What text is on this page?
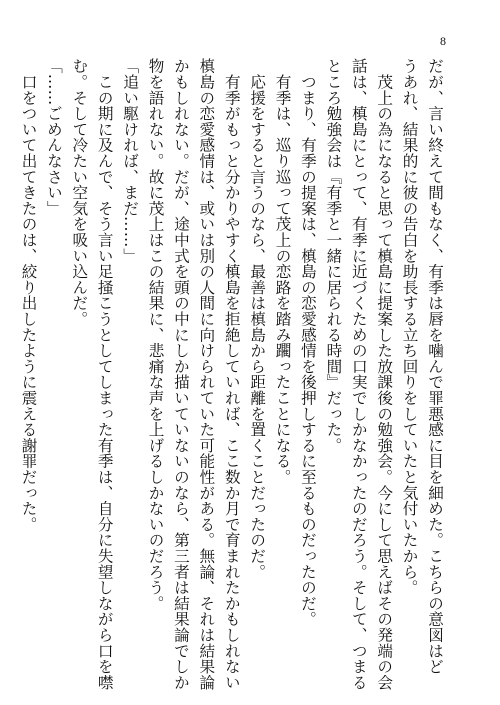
8
だが、言い終えて間もなく、有季は唇を噛んで罪悪感に目を細めた。こちらの意図はど
うあれ、結果的に彼の告白を助長する立ち回りをしていたと気付いたから。
　茂上の為になると思って槙島に提案した放課後の勉強会。今にして思えばその発端の会
話は、槙島にとって、有季に近づくための口実でしかなかったのだろう。そして、つまる
ところ勉強会は『有季と一緒に居られる時間』だった。
　つまり、有季の提案は、槙島の恋愛感情を後押しするに至るものだったのだ。
　有季は、巡り巡って茂上の恋路を踏み躙ったことになる。
　応援をすると言うのなら、最善は槙島から距離を置くことだったのだ。
　有季がもっと分かりやすく槙島を拒絶していれば、ここ数か月で育まれたかもしれない
槙島の恋愛感情は、或いは別の人間に向けられていた可能性がある。無論、それは結果論
かもしれない。だが、途中式を頭の中にしか描いていないのなら、第三者は結果論でしか
物を語れない。故に茂上はこの結果に、悲痛な声を上げるしかないのだろう。
「追い駆ければ、まだ……」
　この期に及んで、そう言い足掻こうとしてしまった有季は、自分に失望しながら口を噤
む。そして冷たい空気を吸い込んだ。
「……ごめんなさい」
　口をついて出てきたのは、絞り出したように震える謝罪だった。
